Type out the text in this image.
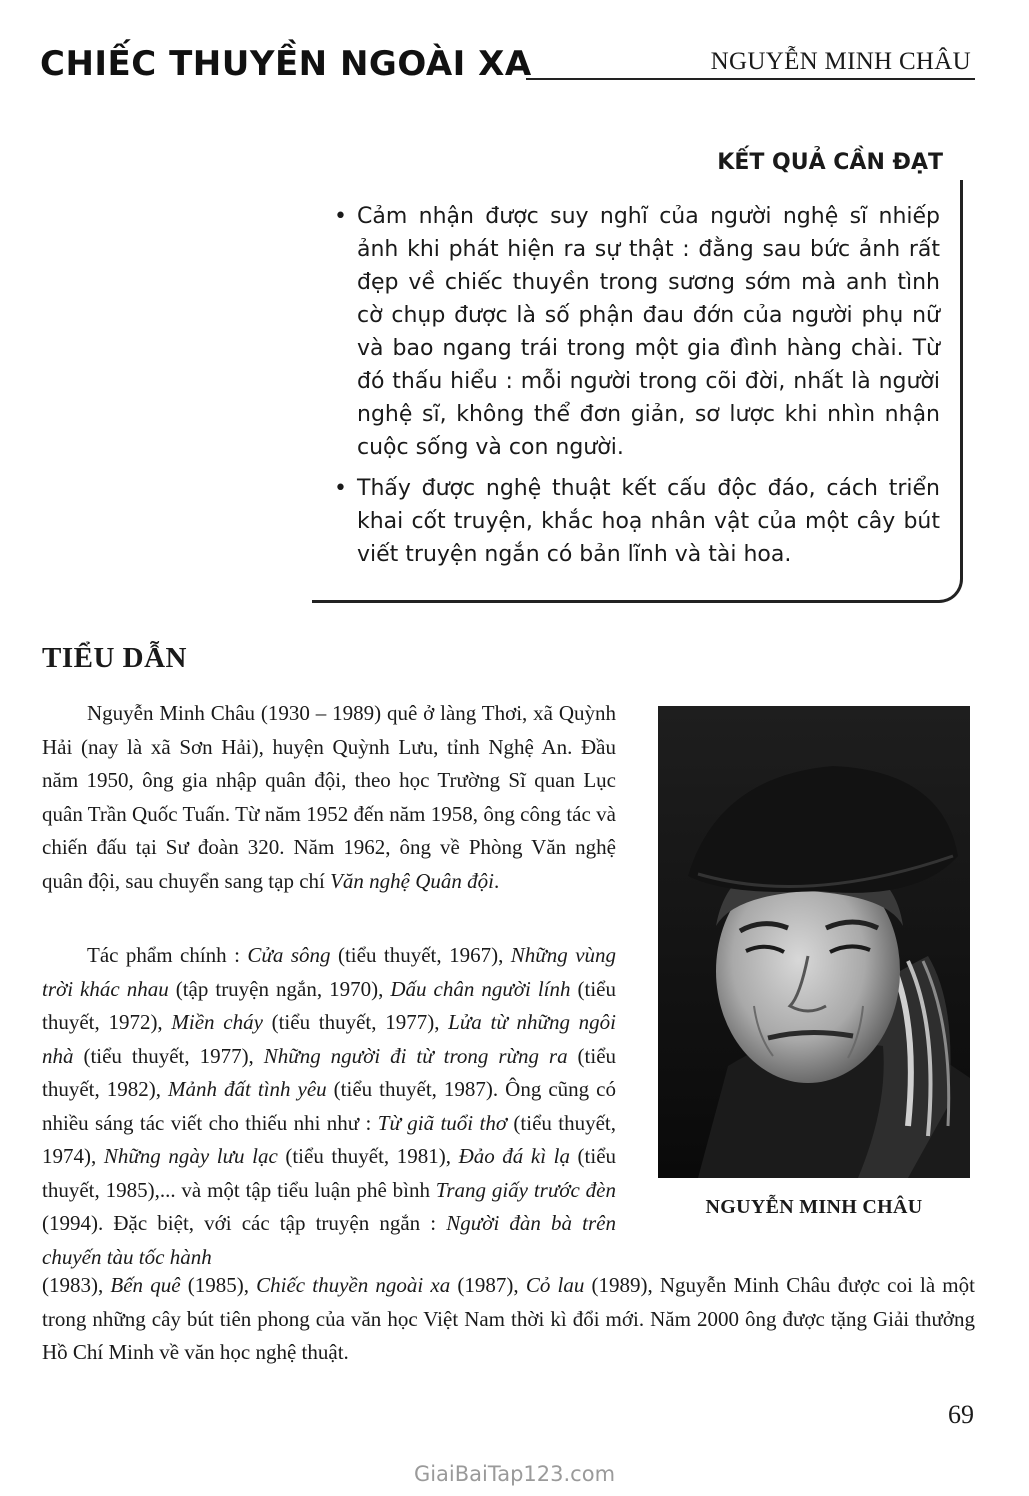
CHIẾC THUYỀN NGOÀI XA	NGUYỄN MINH CHÂU
KẾT QUẢ CẦN ĐẠT
• Cảm nhận được suy nghĩ của người nghệ sĩ nhiếp ảnh khi phát hiện ra sự thật : đằng sau bức ảnh rất đẹp về chiếc thuyền trong sương sớm mà anh tình cờ chụp được là số phận đau đớn của người phụ nữ và bao ngang trái trong một gia đình hàng chài. Từ đó thấu hiểu : mỗi người trong cõi đời, nhất là người nghệ sĩ, không thể đơn giản, sơ lược khi nhìn nhận cuộc sống và con người.
• Thấy được nghệ thuật kết cấu độc đáo, cách triển khai cốt truyện, khắc hoạ nhân vật của một cây bút viết truyện ngắn có bản lĩnh và tài hoa.
TIỂU DẪN

Nguyễn Minh Châu (1930 – 1989) quê ở làng Thơi, xã Quỳnh Hải (nay là xã Sơn Hải), huyện Quỳnh Lưu, tỉnh Nghệ An. Đầu năm 1950, ông gia nhập quân đội, theo học Trường Sĩ quan Lục quân Trần Quốc Tuấn. Từ năm 1952 đến năm 1958, ông công tác và chiến đấu tại Sư đoàn 320. Năm 1962, ông về Phòng Văn nghệ quân đội, sau chuyển sang tạp chí Văn nghệ Quân đội.

Tác phẩm chính : Cửa sông (tiểu thuyết, 1967), Những vùng trời khác nhau (tập truyện ngắn, 1970), Dấu chân người lính (tiểu thuyết, 1972), Miền cháy (tiểu thuyết, 1977), Lửa từ những ngôi nhà (tiểu thuyết, 1977), Những người đi từ trong rừng ra (tiểu thuyết, 1982), Mảnh đất tình yêu (tiểu thuyết, 1987). Ông cũng có nhiều sáng tác viết cho thiếu nhi như : Từ giã tuổi thơ (tiểu thuyết, 1974), Những ngày lưu lạc (tiểu thuyết, 1981), Đảo đá kì lạ (tiểu thuyết, 1985),... và một tập tiểu luận phê bình Trang giấy trước đèn (1994). Đặc biệt, với các tập truyện ngắn : Người đàn bà trên chuyến tàu tốc hành

(1983), Bến quê (1985), Chiếc thuyền ngoài xa (1987), Cỏ lau (1989), Nguyễn Minh Châu được coi là một trong những cây bút tiên phong của văn học Việt Nam thời kì đổi mới. Năm 2000 ông được tặng Giải thưởng Hồ Chí Minh về văn học nghệ thuật.

NGUYỄN MINH CHÂU
69
GiaiBaiTap123.com
